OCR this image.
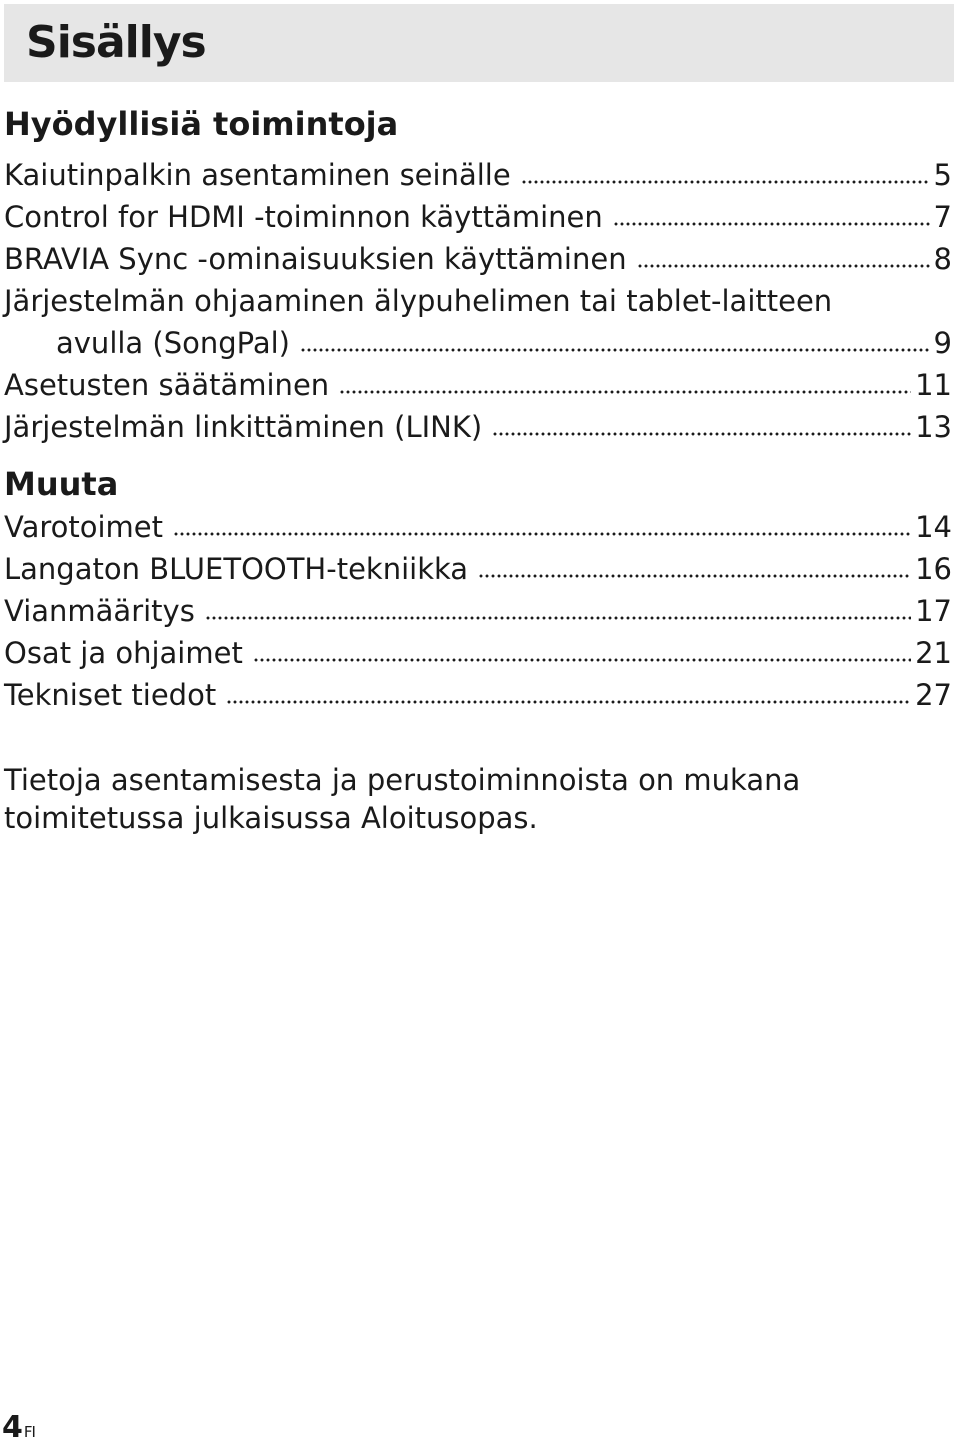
Sisällys
Hyödyllisiä toimintoja
Kaiutinpalkin asentaminen seinälle	5
Control for HDMI -toiminnon käyttäminen	7
BRAVIA Sync -ominaisuuksien käyttäminen	8
Järjestelmän ohjaaminen älypuhelimen tai tablet-laitteen
avulla (SongPal)	9
Asetusten säätäminen	11
Järjestelmän linkittäminen (LINK)	13
Muuta
Varotoimet	14
Langaton BLUETOOTH-tekniikka	16
Vianmääritys	17
Osat ja ohjaimet	21
Tekniset tiedot	27

Tietoja asentamisesta ja perustoiminnoista on mukana

toimitetussa julkaisussa Aloitusopas.

4 $^{FI}$
